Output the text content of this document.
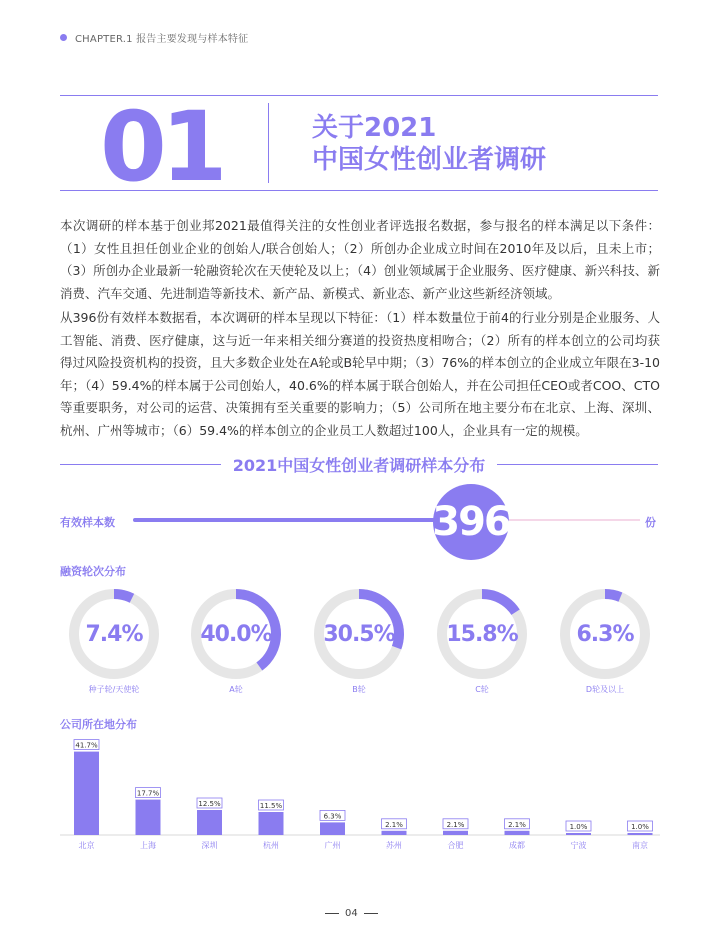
CHAPTER.1 报告主要发现与样本特征
01	关于2021
中国女性创业者调研
本次调研的样本基于创业邦2021最值得关注的女性创业者评选报名数据，参与报名的样本满足以下条件：（1）女性且担任创业企业的创始人/联合创始人；（2）所创办企业成立时间在2010年及以后，且未上市；（3）所创办企业最新一轮融资轮次在天使轮及以上；（4）创业领域属于企业服务、医疗健康、新兴科技、新消费、汽车交通、先进制造等新技术、新产品、新模式、新业态、新产业这些新经济领域。
从396份有效样本数据看，本次调研的样本呈现以下特征：（1）样本数量位于前4的行业分别是企业服务、人工智能、消费、医疗健康，这与近一年来相关细分赛道的投资热度相吻合；（2）所有的样本创立的公司均获得过风险投资机构的投资，且大多数企业处在A轮或B轮早中期；（3）76%的样本创立的企业成立年限在3-10年；（4）59.4%的样本属于公司创始人，40.6%的样本属于联合创始人，并在公司担任CEO或者COO、CTO等重要职务，对公司的运营、决策拥有至关重要的影响力；（5）公司所在地主要分布在北京、上海、深圳、杭州、广州等城市；（6）59.4%的样本创立的企业员工人数超过100人，企业具有一定的规模。
2021中国女性创业者调研样本分布
有效样本数	396	份
融资轮次分布
7.4%
种子轮/天使轮
40.0%
A轮
30.5%
B轮
15.8%
C轮
6.3%
D轮及以上
公司所在地分布
41.7%
北京
17.7%
上海
12.5%
深圳
11.5%
杭州
6.3%
广州
2.1%
苏州
2.1%
合肥
2.1%
成都
1.0%
宁波
1.0%
南京
04
